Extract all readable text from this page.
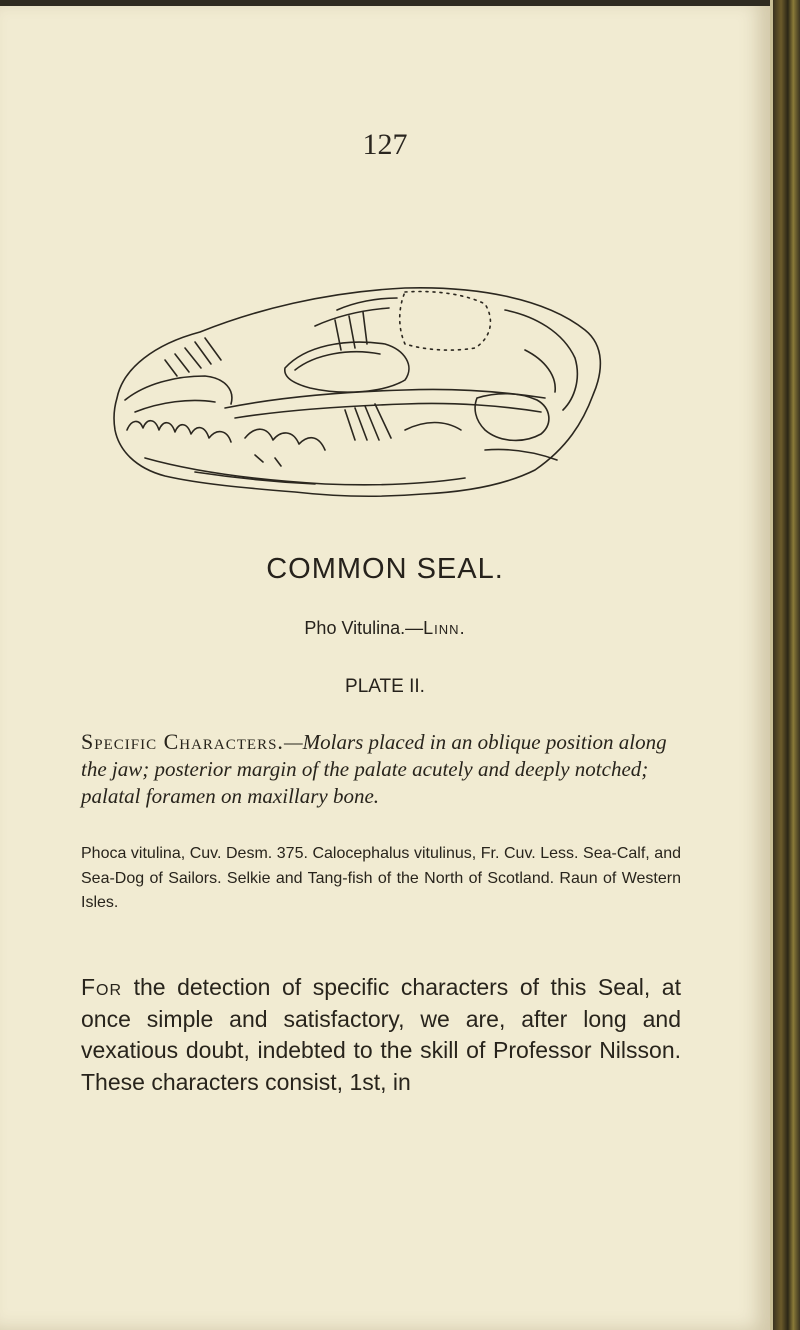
127

COMMON SEAL.

Pho Vitulina.—Linn.

PLATE II.

Specific Characters.—Molars placed in an oblique position along the jaw; posterior margin of the palate acutely and deeply notched; palatal foramen on maxillary bone.

Phoca vitulina, Cuv. Desm. 375. Calocephalus vitulinus, Fr. Cuv. Less. Sea-Calf, and Sea-Dog of Sailors. Selkie and Tang-fish of the North of Scotland. Raun of Western Isles.

For the detection of specific characters of this Seal, at once simple and satisfactory, we are, after long and vexatious doubt, indebted to the skill of Professor Nilsson. These characters consist, 1st, in
